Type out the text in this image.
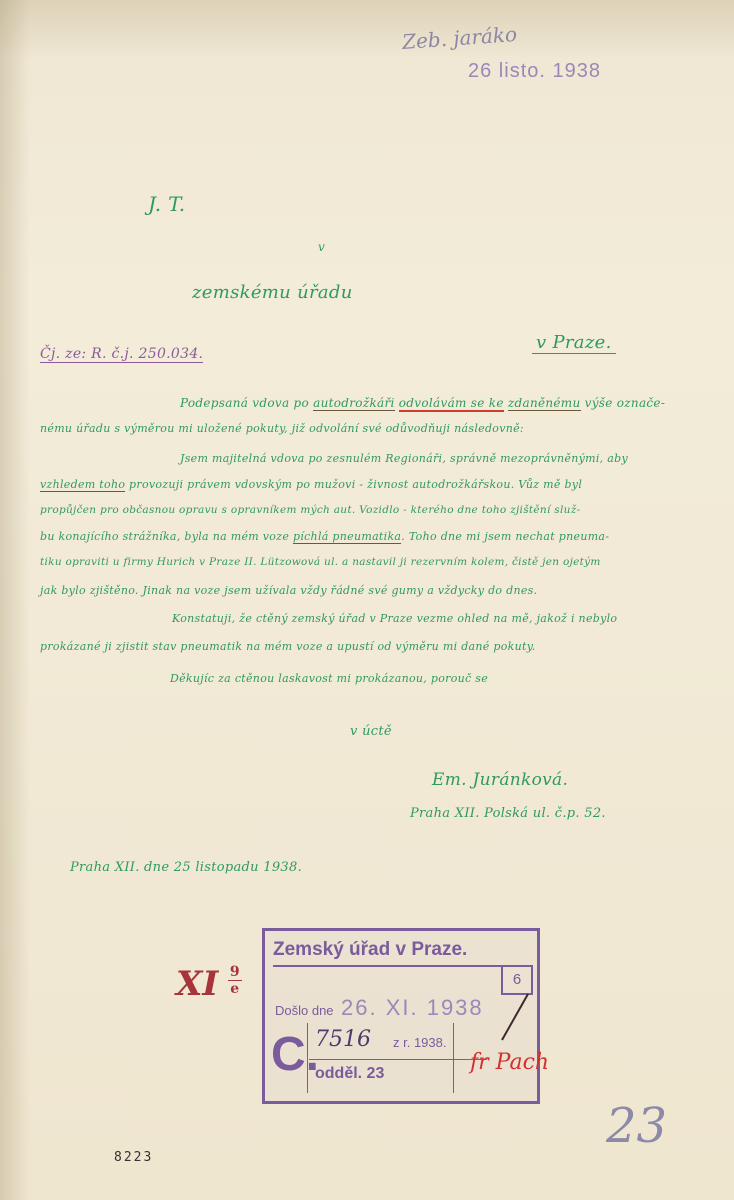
Zeb. jaráko
26 listo. 1938
J. T.
v
zemskému úřadu
v Praze.
Čj. ze: R. č.j. 250.034.
Podepsaná vdova po autodrožkáři odvolávám se ke zdaněnému výše označe-
nému úřadu s výměrou mi uložené pokuty, již odvolání své odůvodňuji následovně:
Jsem majitelná vdova po zesnulém Regionáři, správně mezoprávněnými, aby
vzhledem toho provozuji právem vdovským po mužovi - živnost autodrožkářskou. Vůz mě byl
propůjčen pro občasnou opravu s opravníkem mých aut. Vozidlo - kterého dne toho zjištění služ-
bu konajícího strážníka, byla na mém voze píchlá pneumatika. Toho dne mi jsem nechat pneuma-
tiku opraviti u firmy Hurich v Praze II. Lützowová ul. a nastavil ji rezervním kolem, čistě jen ojetým
jak bylo zjištěno. Jinak na voze jsem užívala vždy řádné své gumy a vždycky do dnes.
Konstatuji, že ctěný zemský úřad v Praze vezme ohled na mě, jakož i nebylo
prokázané ji zjistit stav pneumatik na mém voze a upustí od výměru mi dané pokuty.
Děkujíc za ctěnou laskavost mi prokázanou, porouč se
v úctě
Em. Juránková.
Praha XII. Polská ul. č.p. 52.
Praha XII. dne 25 listopadu 1938.
XI $\frac{9}{e}$
Zemský úřad v Praze.
6
Došlo dne 26. XI. 1938
C.
7516 z r. 1938.
odděl. 23	fr Pach
8223
23
